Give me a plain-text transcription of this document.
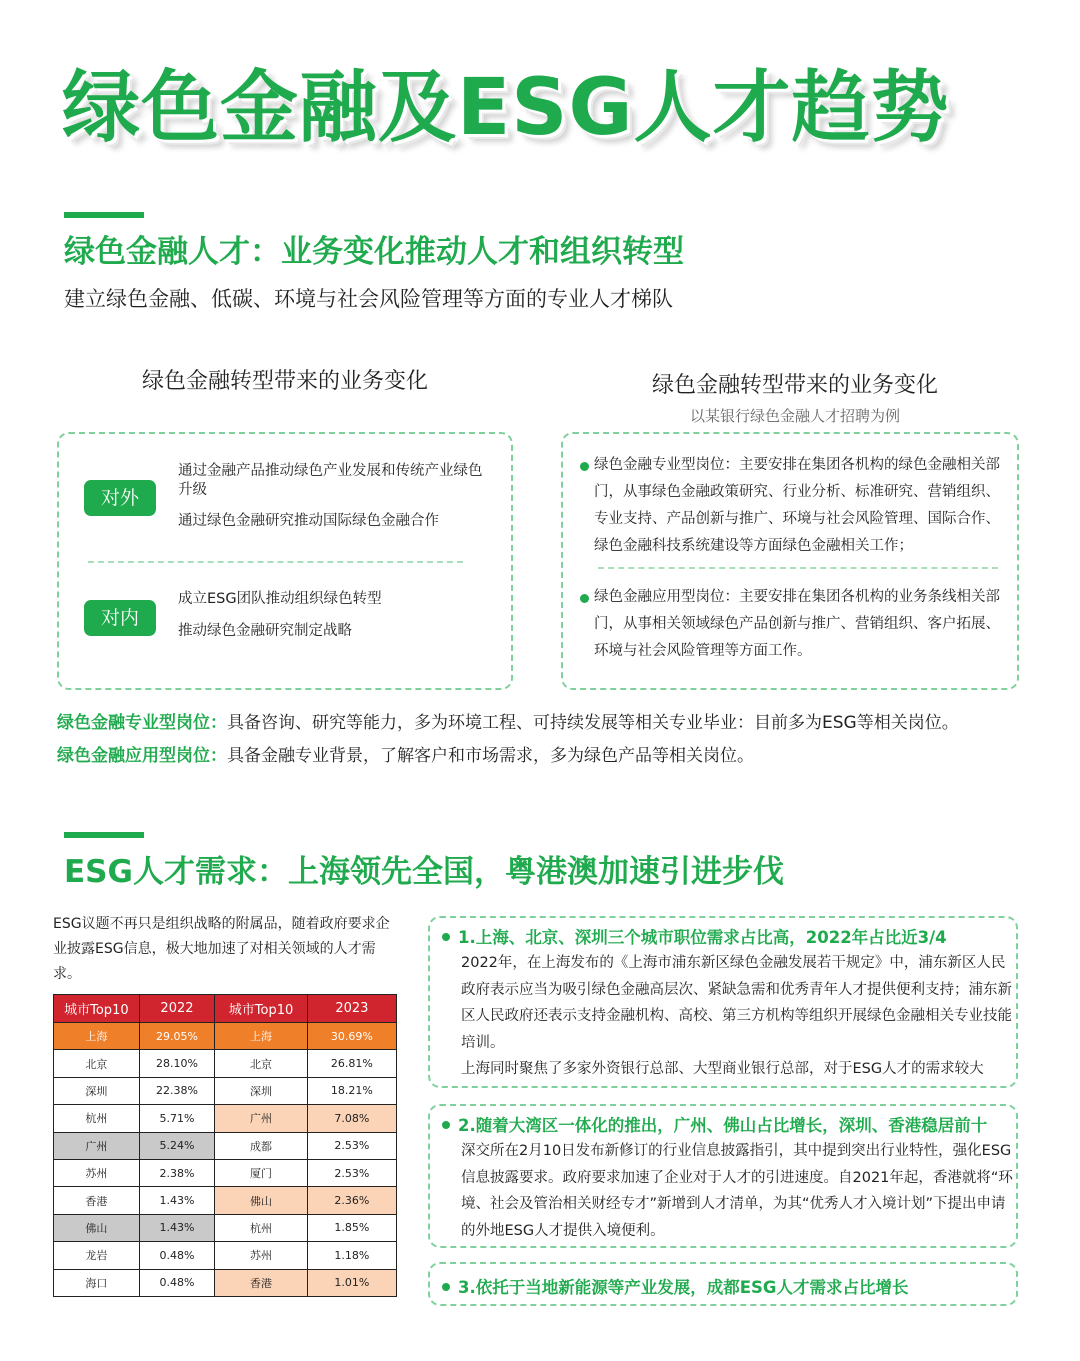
绿色金融及ESG人才趋势
绿色金融人才：业务变化推动人才和组织转型
建立绿色金融、低碳、环境与社会风险管理等方面的专业人才梯队
绿色金融转型带来的业务变化	绿色金融转型带来的业务变化
以某银行绿色金融人才招聘为例
对外
通过金融产品推动绿色产业发展和传统产业绿色升级
通过绿色金融研究推动国际绿色金融合作
对内
成立ESG团队推动组织绿色转型
推动绿色金融研究制定战略
绿色金融专业型岗位：主要安排在集团各机构的绿色金融相关部门，从事绿色金融政策研究、行业分析、标准研究、营销组织、专业支持、产品创新与推广、环境与社会风险管理、国际合作、绿色金融科技系统建设等方面绿色金融相关工作；
绿色金融应用型岗位：主要安排在集团各机构的业务条线相关部门，从事相关领域绿色产品创新与推广、营销组织、客户拓展、环境与社会风险管理等方面工作。
绿色金融专业型岗位：具备咨询、研究等能力，多为环境工程、可持续发展等相关专业毕业：目前多为ESG等相关岗位。
绿色金融应用型岗位：具备金融专业背景，了解客户和市场需求，多为绿色产品等相关岗位。
ESG人才需求：上海领先全国，粤港澳加速引进步伐
ESG议题不再只是组织战略的附属品，随着政府要求企业披露ESG信息，极大地加速了对相关领域的人才需求。
城市Top10	2022	城市Top10	2023
上海	29.05%	上海	30.69%
北京	28.10%	北京	26.81%
深圳	22.38%	深圳	18.21%
杭州	5.71%	广州	7.08%
广州	5.24%	成都	2.53%
苏州	2.38%	厦门	2.53%
香港	1.43%	佛山	2.36%
佛山	1.43%	杭州	1.85%
龙岩	0.48%	苏州	1.18%
海口	0.48%	香港	1.01%
1.上海、北京、深圳三个城市职位需求占比高，2022年占比近3/4
2022年，在上海发布的《上海市浦东新区绿色金融发展若干规定》中，浦东新区人民政府表示应当为吸引绿色金融高层次、紧缺急需和优秀青年人才提供便利支持；浦东新区人民政府还表示支持金融机构、高校、第三方机构等组织开展绿色金融相关专业技能培训。
上海同时聚焦了多家外资银行总部、大型商业银行总部，对于ESG人才的需求较大
2.随着大湾区一体化的推出，广州、佛山占比增长，深圳、香港稳居前十
深交所在2月10日发布新修订的行业信息披露指引，其中提到突出行业特性，强化ESG信息披露要求。政府要求加速了企业对于人才的引进速度。自2021年起，香港就将“环境、社会及管治相关财经专才”新增到人才清单，为其“优秀人才入境计划”下提出申请的外地ESG人才提供入境便利。
3.依托于当地新能源等产业发展，成都ESG人才需求占比增长
